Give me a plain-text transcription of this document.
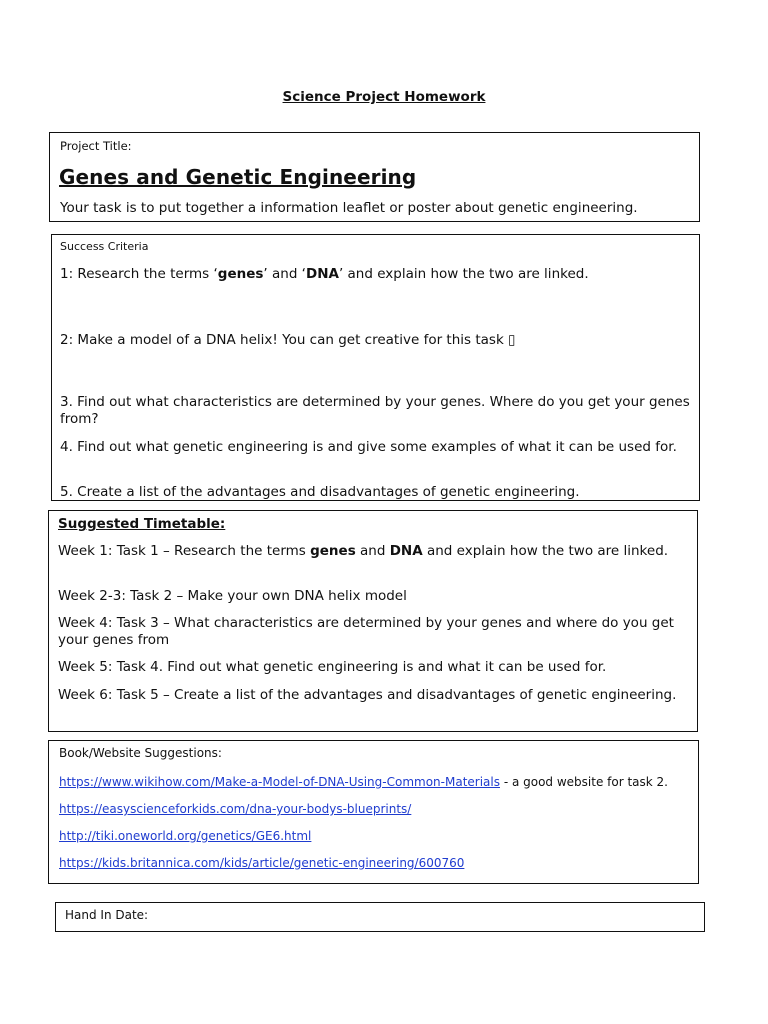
Science Project Homework
Project Title:
Genes and Genetic Engineering
Your task is to put together a information leaflet or poster about genetic engineering.
Success Criteria
1: Research the terms ‘genes’ and ‘DNA’ and explain how the two are linked.
2: Make a model of a DNA helix! You can get creative for this task ▯
3. Find out what characteristics are determined by your genes. Where do you get your genes from?
4. Find out what genetic engineering is and give some examples of what it can be used for.
5. Create a list of the advantages and disadvantages of genetic engineering.
Suggested Timetable:
Week 1: Task 1 – Research the terms genes and DNA and explain how the two are linked.
Week 2-3: Task 2 – Make your own DNA helix model
Week 4: Task 3 – What characteristics are determined by your genes and where do you get your genes from
Week 5: Task 4. Find out what genetic engineering is and what it can be used for.
Week 6: Task 5 – Create a list of the advantages and disadvantages of genetic engineering.
Book/Website Suggestions:
https://www.wikihow.com/Make-a-Model-of-DNA-Using-Common-Materials - a good website for task 2.
https://easyscienceforkids.com/dna-your-bodys-blueprints/
http://tiki.oneworld.org/genetics/GE6.html
https://kids.britannica.com/kids/article/genetic-engineering/600760
Hand In Date:
